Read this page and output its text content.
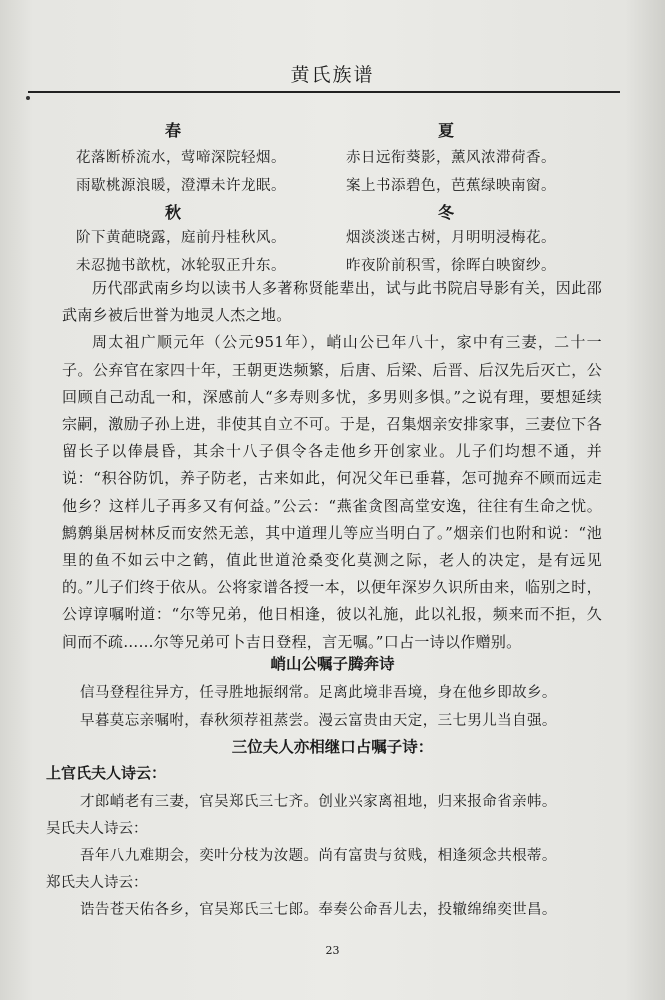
黄氏族谱
春	夏
花落断桥流水，莺啼深院轻烟。	赤日远衔葵影，薰风浓滞荷香。
雨歇桃源浪暖，澄潭未许龙眠。	案上书添碧色，芭蕉绿映南窗。
秋	冬
阶下黄葩晓露，庭前丹桂秋风。	烟淡淡迷古树，月明明浸梅花。
未忍抛书歆枕，冰轮驭正升东。	昨夜阶前积雪，徐晖白映窗纱。

历代邵武南乡均以读书人多著称贤能辈出，试与此书院启导影有关，因此邵武南乡被后世誉为地灵人杰之地。

周太祖广顺元年（公元951年），峭山公已年八十，家中有三妻，二十一子。公弃官在家四十年，王朝更迭频繁，后唐、后梁、后晋、后汉先后灭亡，公回顾自己动乱一和，深感前人“多寿则多忧，多男则多惧。”之说有理，要想延续宗嗣，激励子孙上进，非使其自立不可。于是，召集烟亲安排家事，三妻位下各留长子以俸晨昏，其余十八子俱令各走他乡开创家业。儿子们均想不通，并说：“积谷防饥，养子防老，古来如此，何况父年已垂暮，怎可抛弃不顾而远走他乡？这样儿子再多又有何益。”公云：“燕雀贪图高堂安逸，往往有生命之忧。鹪鹩巢居树林反而安然无恙，其中道理儿等应当明白了。”烟亲们也附和说：“池里的鱼不如云中之鹤，值此世道沧桑变化莫测之际，老人的决定，是有远见的。”儿子们终于依从。公将家谱各授一本，以便年深岁久识所由来，临别之时，公谆谆嘱咐道：“尔等兄弟，他日相逢，彼以礼施，此以礼报，频来而不拒，久间而不疏……尔等兄弟可卜吉日登程，言无嘱。”口占一诗以作赠别。

峭山公嘱子腾奔诗
信马登程往异方，任寻胜地振纲常。足离此境非吾境，身在他乡即故乡。
早暮莫忘亲嘱咐，春秋须荐祖蒸尝。漫云富贵由天定，三七男儿当自强。
三位夫人亦相继口占嘱子诗：
上官氏夫人诗云：
才郎峭老有三妻，官吴郑氏三七齐。创业兴家离祖地，归来报命省亲帏。
吴氏夫人诗云：
吾年八九难期会，奕叶分枝为汝题。尚有富贵与贫贱，相逢须念共根蒂。
郑氏夫人诗云：
诰告苍天佑各乡，官吴郑氏三七郎。奉奏公命吾儿去，投辙绵绵奕世昌。
23
